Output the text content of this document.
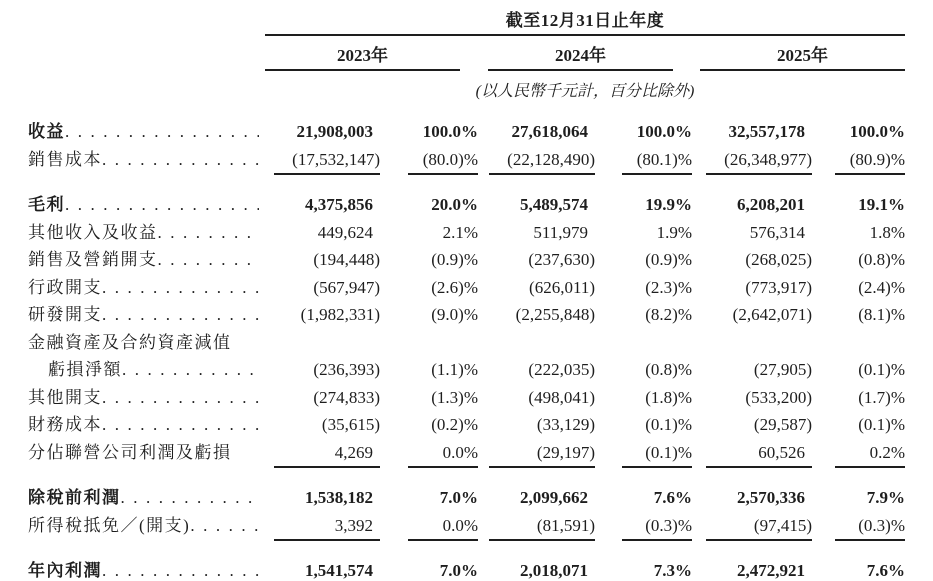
截至12月31日止年度
2023年	2024年	2025年
(以人民幣千元計，百分比除外)
收益 .  .	21,908,003	100.0%	27,618,064	100.0%	32,557,178	100.0%
銷售成本 .  .	(17,532,147)	(80.0)%	(22,128,490)	(80.1)%	(26,348,977)	(80.9)%
毛利 .  .	4,375,856	20.0%	5,489,574	19.9%	6,208,201	19.1%
其他收入及收益 .  .	449,624	2.1%	511,979	1.9%	576,314	1.8%
銷售及營銷開支 .  .	(194,448)	(0.9)%	(237,630)	(0.9)%	(268,025)	(0.8)%
行政開支 .  .	(567,947)	(2.6)%	(626,011)	(2.3)%	(773,917)	(2.4)%
研發開支 .  .	(1,982,331)	(9.0)%	(2,255,848)	(8.2)%	(2,642,071)	(8.1)%
金融資產及合約資產減值
虧損淨額 .  .	(236,393)	(1.1)%	(222,035)	(0.8)%	(27,905)	(0.1)%
其他開支 .  .	(274,833)	(1.3)%	(498,041)	(1.8)%	(533,200)	(1.7)%
財務成本 .  .	(35,615)	(0.2)%	(33,129)	(0.1)%	(29,587)	(0.1)%
分佔聯營公司利潤及虧損	4,269	0.0%	(29,197)	(0.1)%	60,526	0.2%
除稅前利潤 .  .	1,538,182	7.0%	2,099,662	7.6%	2,570,336	7.9%
所得稅抵免／(開支) .  .	3,392	0.0%	(81,591)	(0.3)%	(97,415)	(0.3)%
年內利潤 .  .	1,541,574	7.0%	2,018,071	7.3%	2,472,921	7.6%
